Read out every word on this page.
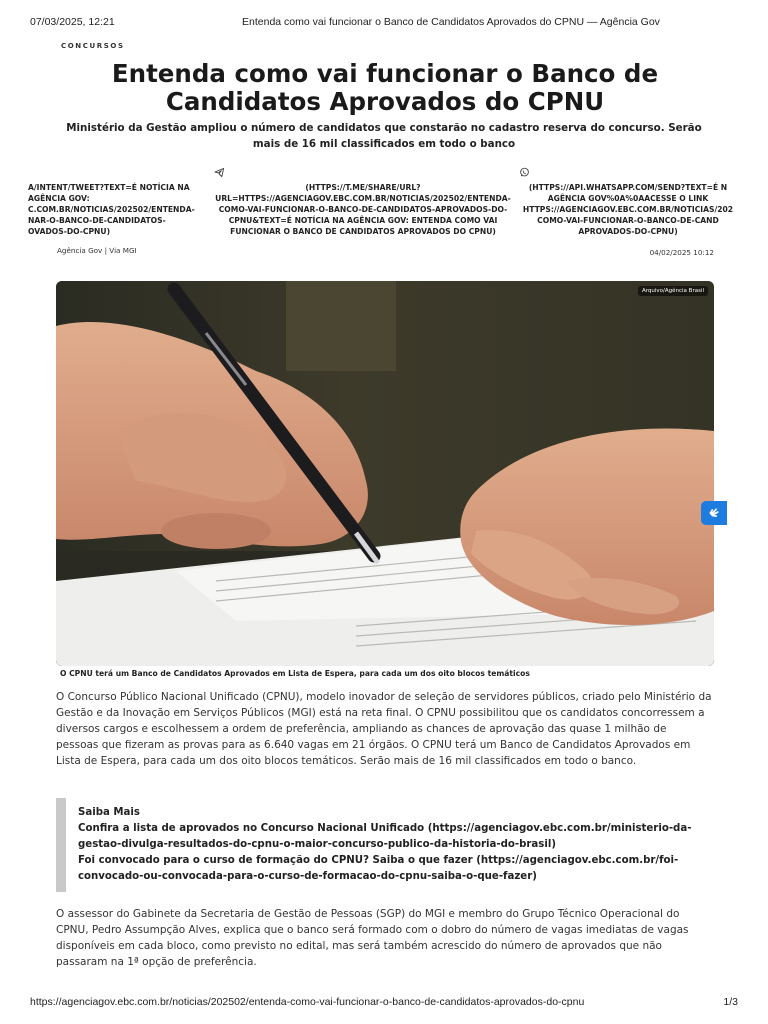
07/03/2025, 12:21	Entenda como vai funcionar o Banco de Candidatos Aprovados do CPNU — Agência Gov
CONCURSOS
Entenda como vai funcionar o Banco de Candidatos Aprovados do CPNU

Ministério da Gestão ampliou o número de candidatos que constarão no cadastro reserva do concurso. Serão mais de 16 mil classificados em todo o banco

A/INTENT/TWEET?TEXT=É NOTÍCIA NA
AGÊNCIA GOV:
C.COM.BR/NOTICIAS/202502/ENTENDA-
NAR-O-BANCO-DE-CANDIDATOS-
OVADOS-DO-CPNU)
(HTTPS://T.ME/SHARE/URL?
URL=HTTPS://AGENCIAGOV.EBC.COM.BR/NOTICIAS/202502/ENTENDA-
COMO-VAI-FUNCIONAR-O-BANCO-DE-CANDIDATOS-APROVADOS-DO-
CPNU&TEXT=É NOTÍCIA NA AGÊNCIA GOV: ENTENDA COMO VAI
FUNCIONAR O BANCO DE CANDIDATOS APROVADOS DO CPNU)
(HTTPS://API.WHATSAPP.COM/SEND?TEXT=É N
AGÊNCIA GOV%0A%0AACESSE O LINK
HTTPS://AGENCIAGOV.EBC.COM.BR/NOTICIAS/202
COMO-VAI-FUNCIONAR-O-BANCO-DE-CAND
APROVADOS-DO-CPNU)
Agência Gov | Via MGI	04/02/2025 10:12
Arquivo/Agência Brasil

O CPNU terá um Banco de Candidatos Aprovados em Lista de Espera, para cada um dos oito blocos temáticos

O Concurso Público Nacional Unificado (CPNU), modelo inovador de seleção de servidores públicos, criado pelo Ministério da Gestão e da Inovação em Serviços Públicos (MGI) está na reta final. O CPNU possibilitou que os candidatos concorressem a diversos cargos e escolhessem a ordem de preferência, ampliando as chances de aprovação das quase 1 milhão de pessoas que fizeram as provas para as 6.640 vagas em 21 órgãos. O CPNU terá um Banco de Candidatos Aprovados em Lista de Espera, para cada um dos oito blocos temáticos. Serão mais de 16 mil classificados em todo o banco.

Saiba Mais
Confira a lista de aprovados no Concurso Nacional Unificado (https://agenciagov.ebc.com.br/ministerio-da-gestao-divulga-resultados-do-cpnu-o-maior-concurso-publico-da-historia-do-brasil)
Foi convocado para o curso de formação do CPNU? Saiba o que fazer (https://agenciagov.ebc.com.br/foi-convocado-ou-convocada-para-o-curso-de-formacao-do-cpnu-saiba-o-que-fazer)

O assessor do Gabinete da Secretaria de Gestão de Pessoas (SGP) do MGI e membro do Grupo Técnico Operacional do CPNU, Pedro Assumpção Alves, explica que o banco será formado com o dobro do número de vagas imediatas de vagas disponíveis em cada bloco, como previsto no edital, mas será também acrescido do número de aprovados que não passaram na 1ª opção de preferência.

https://agenciagov.ebc.com.br/noticias/202502/entenda-como-vai-funcionar-o-banco-de-candidatos-aprovados-do-cpnu	1/3
